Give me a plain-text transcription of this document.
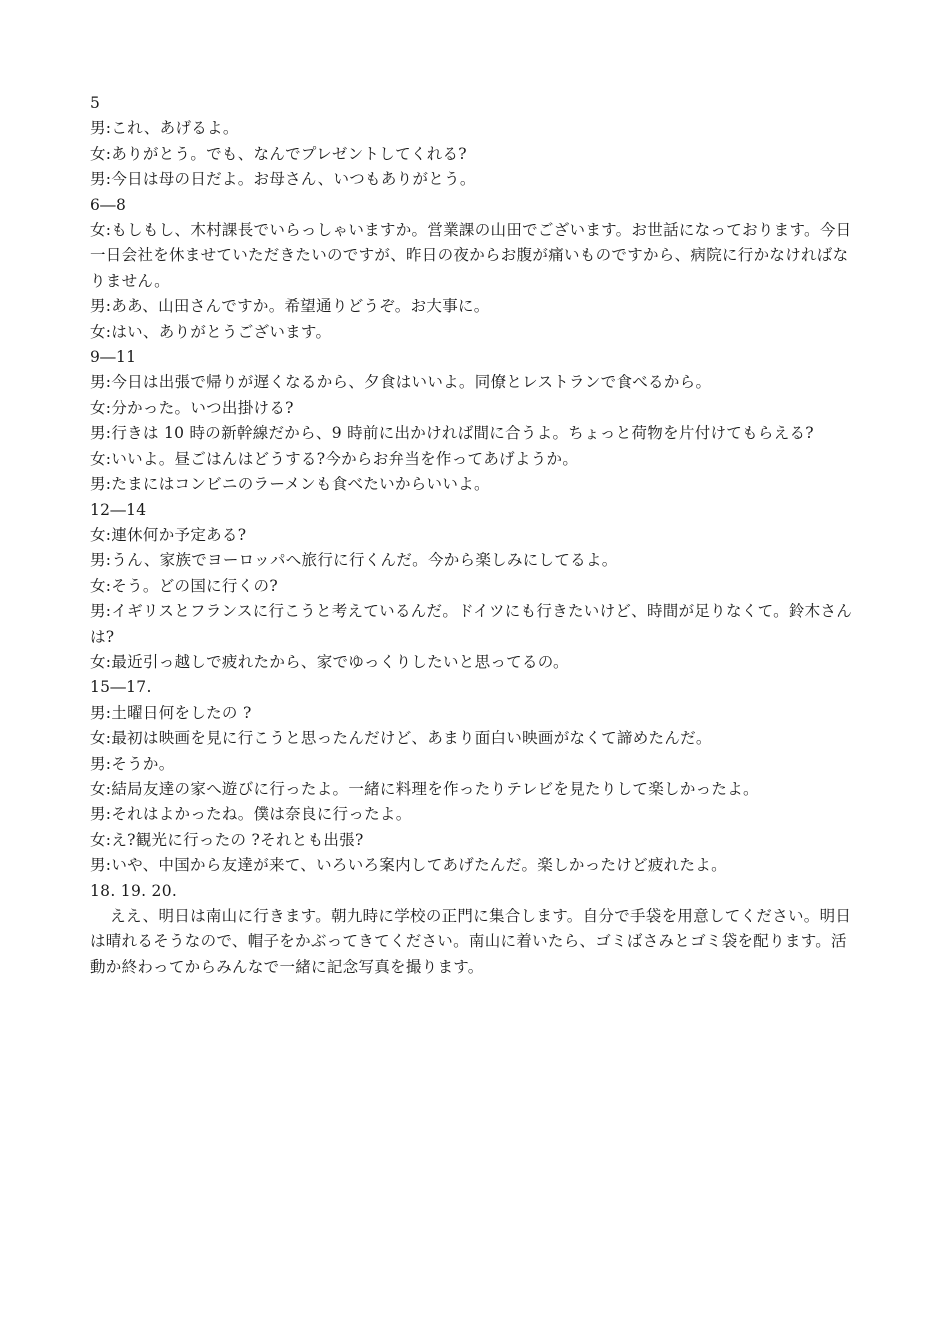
5
男:これ、あげるよ。
女:ありがとう。でも、なんでプレゼントしてくれる?
男:今日は母の日だよ。お母さん、いつもありがとう。
6―8
女:もしもし、木村課長でいらっしゃいますか。営業課の山田でございます。お世話になっております。今日一日会社を休ませていただきたいのですが、昨日の夜からお腹が痛いものですから、病院に行かなければなりません。
男:ああ、山田さんですか。希望通りどうぞ。お大事に。
女:はい、ありがとうございます。
9―11
男:今日は出張で帰りが遅くなるから、夕食はいいよ。同僚とレストランで食べるから。
女:分かった。いつ出掛ける?
男:行きは 10 時の新幹線だから、9 時前に出かければ間に合うよ。ちょっと荷物を片付けてもらえる?
女:いいよ。昼ごはんはどうする?今からお弁当を作ってあげようか。
男:たまにはコンビニのラーメンも食べたいからいいよ。
12―14
女:連休何か予定ある?
男:うん、家族でヨーロッパへ旅行に行くんだ。今から楽しみにしてるよ。
女:そう。どの国に行くの?
男:イギリスとフランスに行こうと考えているんだ。ドイツにも行きたいけど、時間が足りなくて。鈴木さんは?
女:最近引っ越しで疲れたから、家でゆっくりしたいと思ってるの。
15―17.
男:土曜日何をしたの ?
女:最初は映画を見に行こうと思ったんだけど、あまり面白い映画がなくて諦めたんだ。
男:そうか。
女:結局友達の家へ遊びに行ったよ。一緒に料理を作ったりテレビを見たりして楽しかったよ。
男:それはよかったね。僕は奈良に行ったよ。
女:え?観光に行ったの ?それとも出張?
男:いや、中国から友達が来て、いろいろ案内してあげたんだ。楽しかったけど疲れたよ。
18. 19. 20.
ええ、明日は南山に行きます。朝九時に学校の正門に集合します。自分で手袋を用意してください。明日は晴れるそうなので、帽子をかぶってきてください。南山に着いたら、ゴミばさみとゴミ袋を配ります。活動か終わってからみんなで一緒に記念写真を撮ります。
